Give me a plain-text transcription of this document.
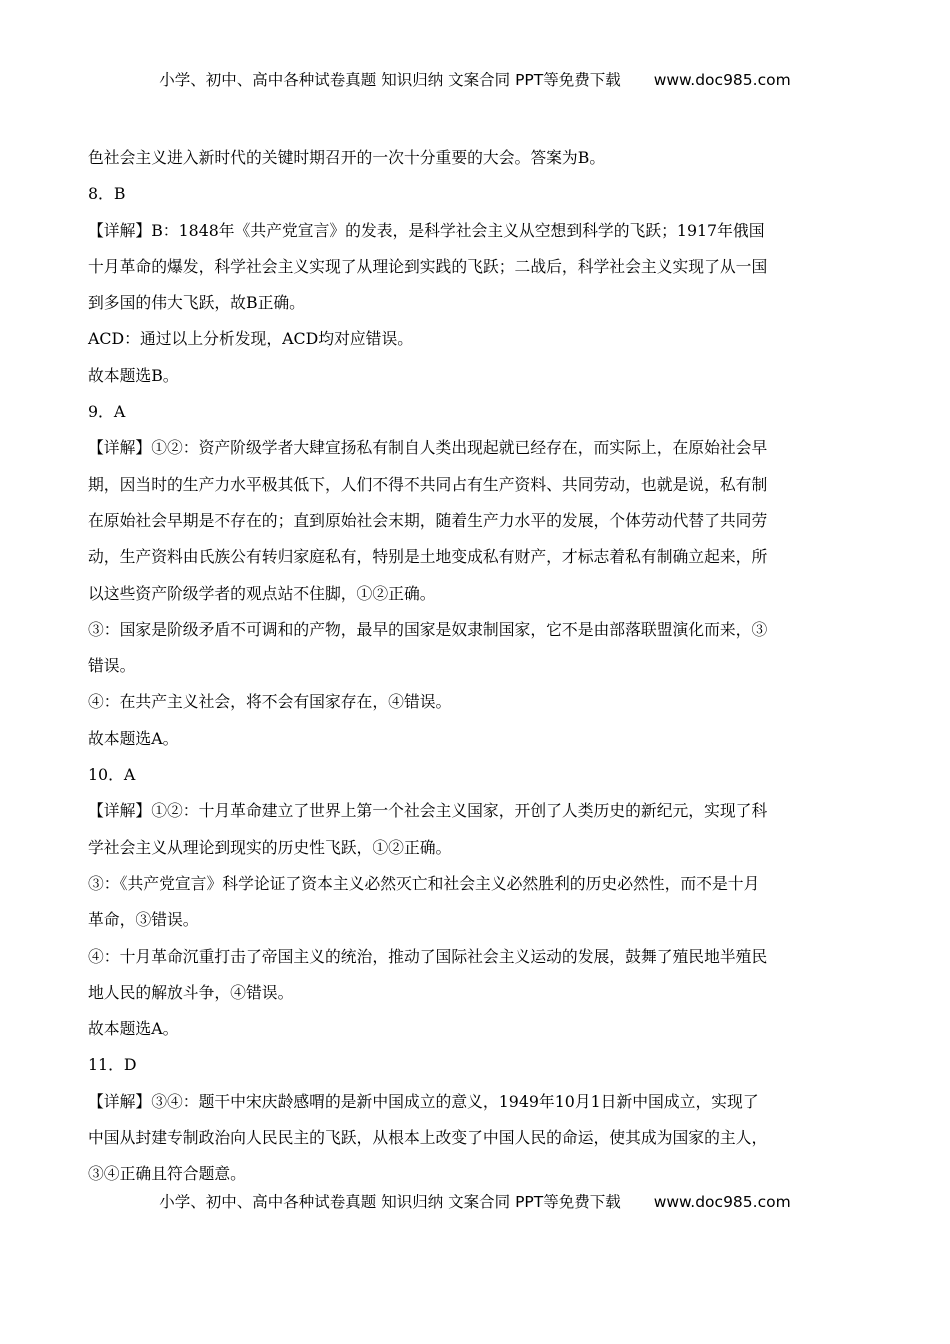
小学、初中、高中各种试卷真题 知识归纳 文案合同 PPT等免费下载 www.doc985.com

色社会主义进入新时代的关键时期召开的一次十分重要的大会。答案为B。

8．B

【详解】B：1848年《共产党宣言》的发表，是科学社会主义从空想到科学的飞跃；1917年俄国

十月革命的爆发，科学社会主义实现了从理论到实践的飞跃；二战后，科学社会主义实现了从一国

到多国的伟大飞跃，故B正确。

ACD：通过以上分析发现，ACD均对应错误。

故本题选B。

9．A

【详解】①②：资产阶级学者大肆宣扬私有制自人类出现起就已经存在，而实际上，在原始社会早

期，因当时的生产力水平极其低下，人们不得不共同占有生产资料、共同劳动，也就是说，私有制

在原始社会早期是不存在的；直到原始社会末期，随着生产力水平的发展，个体劳动代替了共同劳

动，生产资料由氏族公有转归家庭私有，特别是土地变成私有财产，才标志着私有制确立起来，所

以这些资产阶级学者的观点站不住脚，①②正确。

③：国家是阶级矛盾不可调和的产物，最早的国家是奴隶制国家，它不是由部落联盟演化而来，③

错误。

④：在共产主义社会，将不会有国家存在，④错误。

故本题选A。

10．A

【详解】①②：十月革命建立了世界上第一个社会主义国家，开创了人类历史的新纪元，实现了科

学社会主义从理论到现实的历史性飞跃，①②正确。

③：《共产党宣言》科学论证了资本主义必然灭亡和社会主义必然胜利的历史必然性，而不是十月

革命，③错误。

④：十月革命沉重打击了帝国主义的统治，推动了国际社会主义运动的发展，鼓舞了殖民地半殖民

地人民的解放斗争，④错误。

故本题选A。

11．D

【详解】③④：题干中宋庆龄感喟的是新中国成立的意义，1949年10月1日新中国成立，实现了

中国从封建专制政治向人民民主的飞跃，从根本上改变了中国人民的命运，使其成为国家的主人，

③④正确且符合题意。

小学、初中、高中各种试卷真题 知识归纳 文案合同 PPT等免费下载 www.doc985.com
